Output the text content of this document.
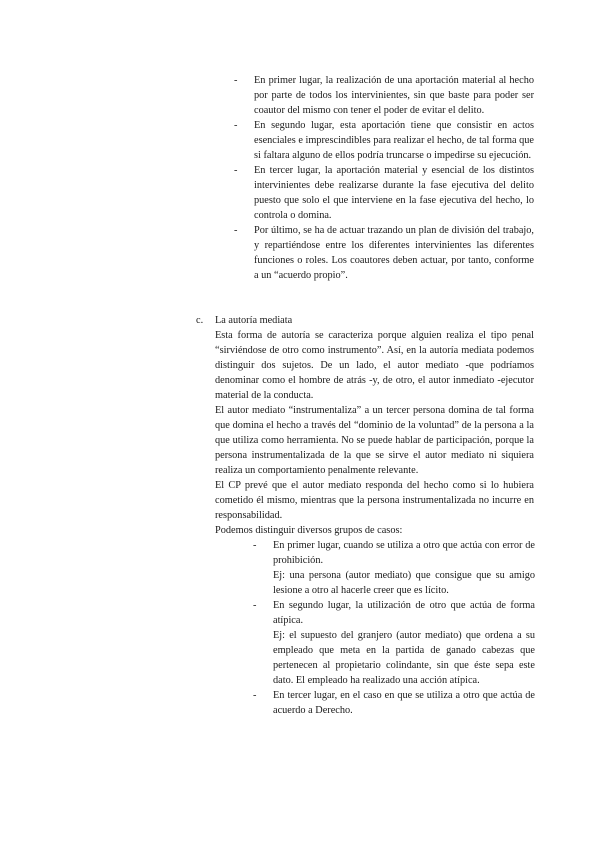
- En primer lugar, la realización de una aportación material al hecho por parte de todos los intervinientes, sin que baste para poder ser coautor del mismo con tener el poder de evitar el delito.

- En segundo lugar, esta aportación tiene que consistir en actos esenciales e imprescindibles para realizar el hecho, de tal forma que si faltara alguno de ellos podría truncarse o impedirse su ejecución.

- En tercer lugar, la aportación material y esencial de los distintos intervinientes debe realizarse durante la fase ejecutiva del delito puesto que solo el que interviene en la fase ejecutiva del hecho, lo controla o domina.

- Por último, se ha de actuar trazando un plan de división del trabajo, y repartiéndose entre los diferentes intervinientes las diferentes funciones o roles. Los coautores deben actuar, por tanto, conforme a un “acuerdo propio”.

c. La autoría mediata

Esta forma de autoría se caracteriza porque alguien realiza el tipo penal “sirviéndose de otro como instrumento”. Así, en la autoría mediata podemos distinguir dos sujetos. De un lado, el autor mediato -que podríamos denominar como el hombre de atrás -y, de otro, el autor inmediato -ejecutor material de la conducta.

El autor mediato “instrumentaliza” a un tercer persona domina de tal forma que domina el hecho a través del “dominio de la voluntad” de la persona a la que utiliza como herramienta. No se puede hablar de participación, porque la persona instrumentalizada de la que se sirve el autor mediato ni siquiera realiza un comportamiento penalmente relevante.

El CP prevé que el autor mediato responda del hecho como si lo hubiera cometido él mismo, mientras que la persona instrumentalizada no incurre en responsabilidad.

Podemos distinguir diversos grupos de casos:

- En primer lugar, cuando se utiliza a otro que actúa con error de prohibición.

Ej: una persona (autor mediato) que consigue que su amigo lesione a otro al hacerle creer que es lícito.

- En segundo lugar, la utilización de otro que actúa de forma atípica.

Ej: el supuesto del granjero (autor mediato) que ordena a su empleado que meta en la partida de ganado cabezas que pertenecen al propietario colindante, sin que éste sepa este dato. El empleado ha realizado una acción atípica.

- En tercer lugar, en el caso en que se utiliza a otro que actúa de acuerdo a Derecho.
